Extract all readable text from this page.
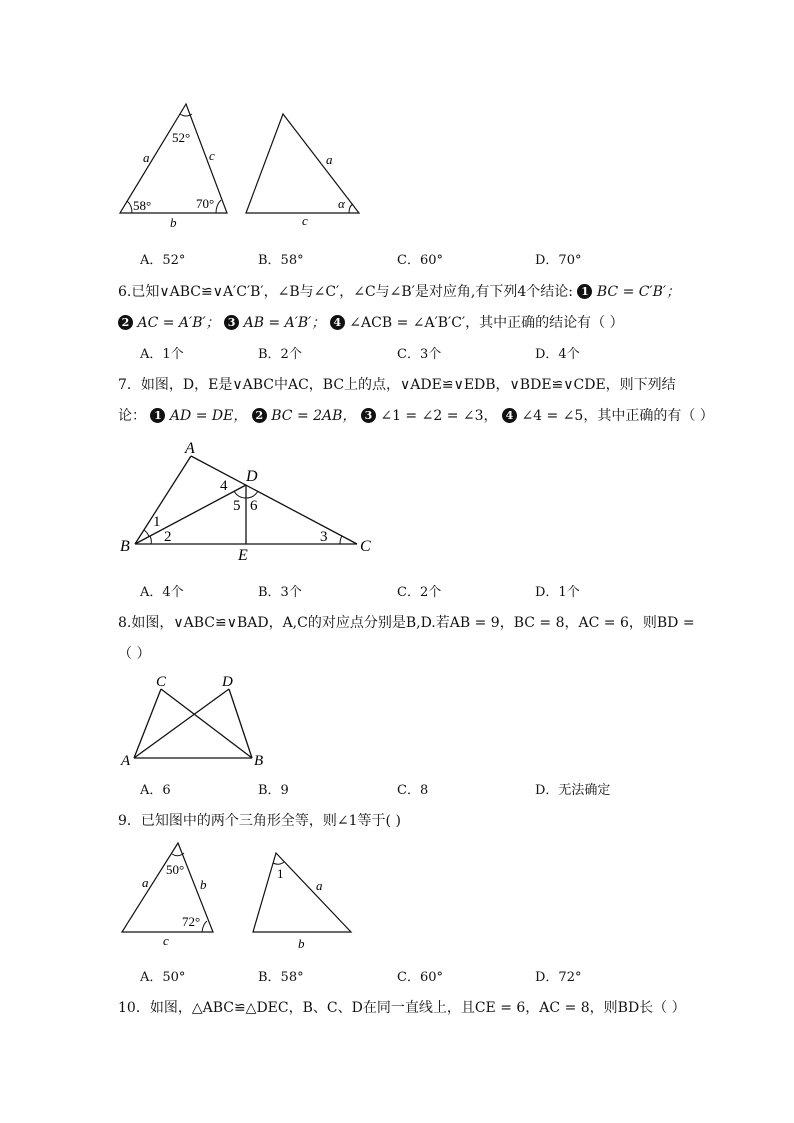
52°
a	c
58°	70°
b
a
α
c
A
D
B
E
C
1
2	3
4
5 6
C	D
A	B
a
50°
b
72°
c
1
a
b
A．52°	B．58°	C．60°	D．70°
6.已知∨ABC≌∨A′C′B′，∠B与∠C′，∠C与∠B′是对应角,有下列4个结论: 1 BC = C′B′；
2 AC = A′B′； 3 AB = A′B′； 4 ∠ACB = ∠A′B′C′，其中正确的结论有（ ）
A．1个	B．2个	C．3个	D．4个
7．如图，D，E是∨ABC中AC，BC上的点，∨ADE≌∨EDB，∨BDE≌∨CDE，则下列结
论： 1 AD = DE， 2 BC = 2AB， 3 ∠1 = ∠2 = ∠3， 4 ∠4 = ∠5，其中正确的有（ ）
A．4个	B．3个	C．2个	D．1个
8.如图，∨ABC≌∨BAD，A,C的对应点分别是B,D.若AB = 9，BC = 8，AC = 6，则BD =
（ ）
A．6	B．9	C．8	D．无法确定
9．已知图中的两个三角形全等，则∠1等于( )
A．50°	B．58°	C．60°	D．72°
10．如图，△ABC≌△DEC，B、C、D在同一直线上，且CE = 6，AC = 8，则BD长（ ）
